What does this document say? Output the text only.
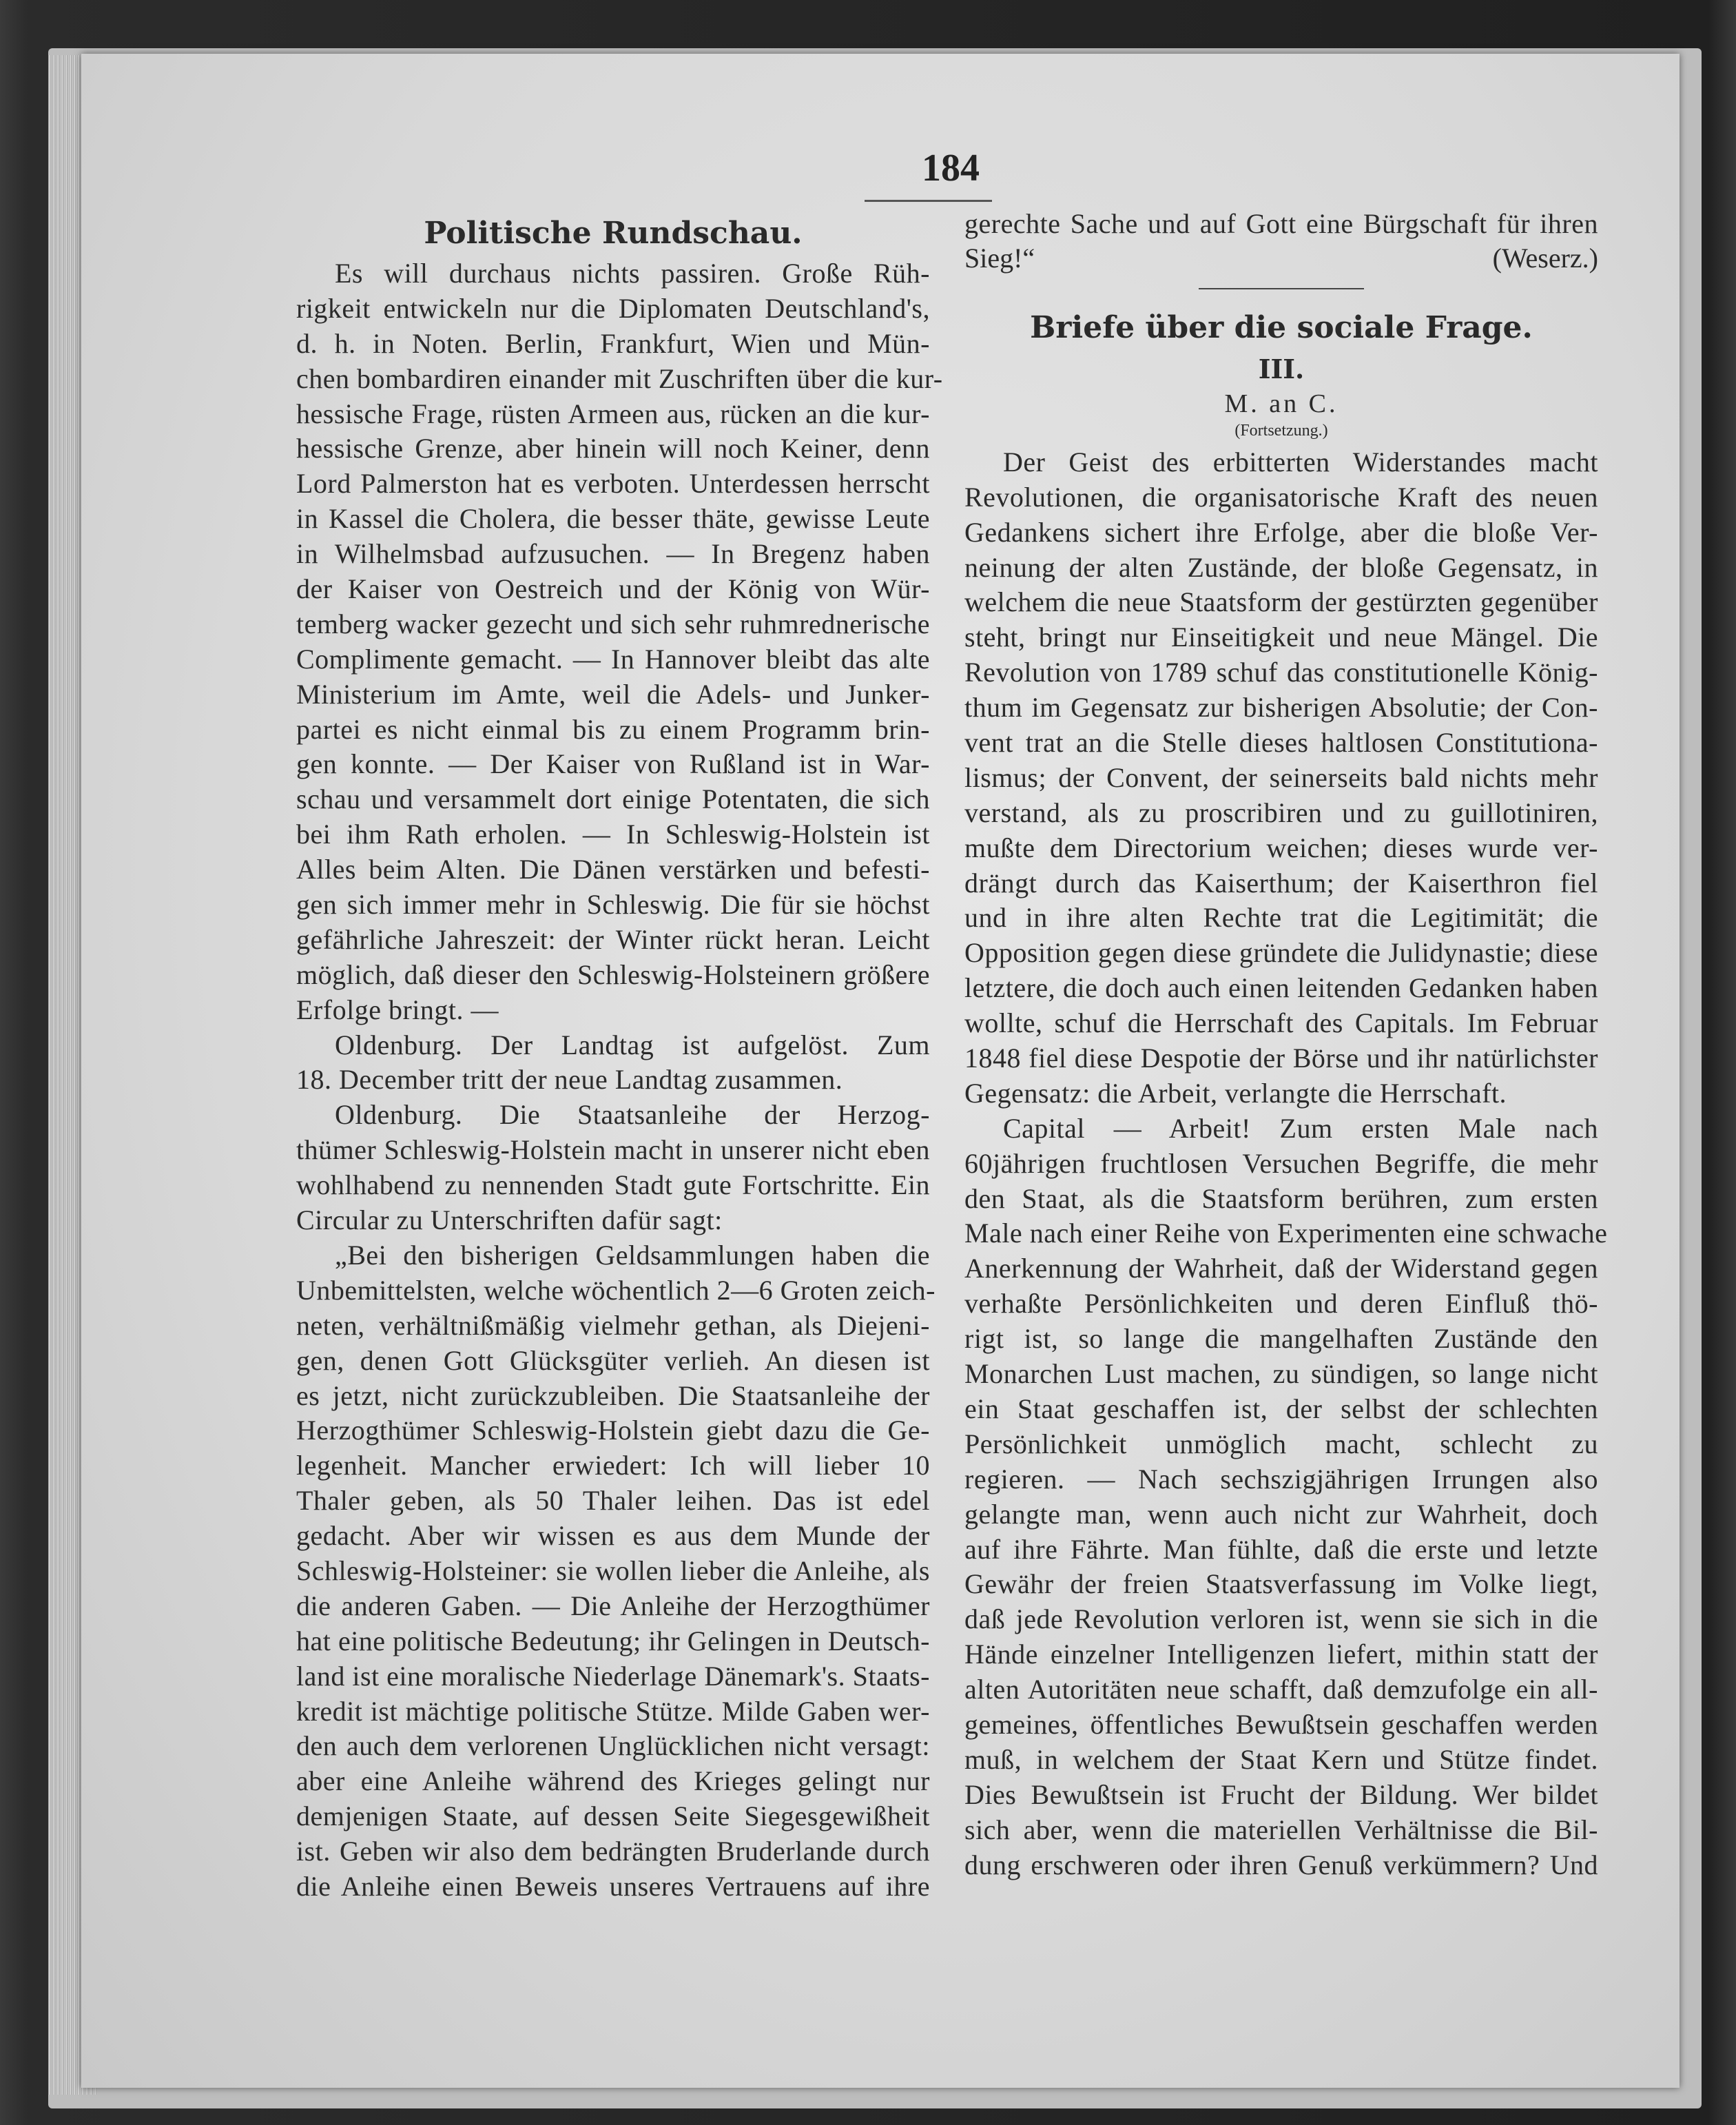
184
Politische Rundschau.
Es will durchaus nichts passiren. Große Rüh-
rigkeit entwickeln nur die Diplomaten Deutschland's,
d. h. in Noten. Berlin, Frankfurt, Wien und Mün-
chen bombardiren einander mit Zuschriften über die kur-
hessische Frage, rüsten Armeen aus, rücken an die kur-
hessische Grenze, aber hinein will noch Keiner, denn
Lord Palmerston hat es verboten. Unterdessen herrscht
in Kassel die Cholera, die besser thäte, gewisse Leute
in Wilhelmsbad aufzusuchen. — In Bregenz haben
der Kaiser von Oestreich und der König von Wür-
temberg wacker gezecht und sich sehr ruhmrednerische
Complimente gemacht. — In Hannover bleibt das alte
Ministerium im Amte, weil die Adels- und Junker-
partei es nicht einmal bis zu einem Programm brin-
gen konnte. — Der Kaiser von Rußland ist in War-
schau und versammelt dort einige Potentaten, die sich
bei ihm Rath erholen. — In Schleswig-Holstein ist
Alles beim Alten. Die Dänen verstärken und befesti-
gen sich immer mehr in Schleswig. Die für sie höchst
gefährliche Jahreszeit: der Winter rückt heran. Leicht
möglich, daß dieser den Schleswig-Holsteinern größere
Erfolge bringt. —
Oldenburg. Der Landtag ist aufgelöst. Zum
18. December tritt der neue Landtag zusammen.
Oldenburg. Die Staatsanleihe der Herzog-
thümer Schleswig-Holstein macht in unserer nicht eben
wohlhabend zu nennenden Stadt gute Fortschritte. Ein
Circular zu Unterschriften dafür sagt:
„Bei den bisherigen Geldsammlungen haben die
Unbemittelsten, welche wöchentlich 2—6 Groten zeich-
neten, verhältnißmäßig vielmehr gethan, als Diejeni-
gen, denen Gott Glücksgüter verlieh. An diesen ist
es jetzt, nicht zurückzubleiben. Die Staatsanleihe der
Herzogthümer Schleswig-Holstein giebt dazu die Ge-
legenheit. Mancher erwiedert: Ich will lieber 10
Thaler geben, als 50 Thaler leihen. Das ist edel
gedacht. Aber wir wissen es aus dem Munde der
Schleswig-Holsteiner: sie wollen lieber die Anleihe, als
die anderen Gaben. — Die Anleihe der Herzogthümer
hat eine politische Bedeutung; ihr Gelingen in Deutsch-
land ist eine moralische Niederlage Dänemark's. Staats-
kredit ist mächtige politische Stütze. Milde Gaben wer-
den auch dem verlorenen Unglücklichen nicht versagt:
aber eine Anleihe während des Krieges gelingt nur
demjenigen Staate, auf dessen Seite Siegesgewißheit
ist. Geben wir also dem bedrängten Bruderlande durch
die Anleihe einen Beweis unseres Vertrauens auf ihre
gerechte Sache und auf Gott eine Bürgschaft für ihren
Sieg!“	(Weserz.)
Briefe über die sociale Frage.
III.
M. an C.
(Fortsetzung.)
Der Geist des erbitterten Widerstandes macht
Revolutionen, die organisatorische Kraft des neuen
Gedankens sichert ihre Erfolge, aber die bloße Ver-
neinung der alten Zustände, der bloße Gegensatz, in
welchem die neue Staatsform der gestürzten gegenüber
steht, bringt nur Einseitigkeit und neue Mängel. Die
Revolution von 1789 schuf das constitutionelle König-
thum im Gegensatz zur bisherigen Absolutie; der Con-
vent trat an die Stelle dieses haltlosen Constitutiona-
lismus; der Convent, der seinerseits bald nichts mehr
verstand, als zu proscribiren und zu guillotiniren,
mußte dem Directorium weichen; dieses wurde ver-
drängt durch das Kaiserthum; der Kaiserthron fiel
und in ihre alten Rechte trat die Legitimität; die
Opposition gegen diese gründete die Julidynastie; diese
letztere, die doch auch einen leitenden Gedanken haben
wollte, schuf die Herrschaft des Capitals. Im Februar
1848 fiel diese Despotie der Börse und ihr natürlichster
Gegensatz: die Arbeit, verlangte die Herrschaft.
Capital — Arbeit! Zum ersten Male nach
60jährigen fruchtlosen Versuchen Begriffe, die mehr
den Staat, als die Staatsform berühren, zum ersten
Male nach einer Reihe von Experimenten eine schwache
Anerkennung der Wahrheit, daß der Widerstand gegen
verhaßte Persönlichkeiten und deren Einfluß thö-
rigt ist, so lange die mangelhaften Zustände den
Monarchen Lust machen, zu sündigen, so lange nicht
ein Staat geschaffen ist, der selbst der schlechten
Persönlichkeit unmöglich macht, schlecht zu
regieren. — Nach sechszigjährigen Irrungen also
gelangte man, wenn auch nicht zur Wahrheit, doch
auf ihre Fährte. Man fühlte, daß die erste und letzte
Gewähr der freien Staatsverfassung im Volke liegt,
daß jede Revolution verloren ist, wenn sie sich in die
Hände einzelner Intelligenzen liefert, mithin statt der
alten Autoritäten neue schafft, daß demzufolge ein all-
gemeines, öffentliches Bewußtsein geschaffen werden
muß, in welchem der Staat Kern und Stütze findet.
Dies Bewußtsein ist Frucht der Bildung. Wer bildet
sich aber, wenn die materiellen Verhältnisse die Bil-
dung erschweren oder ihren Genuß verkümmern? Und
